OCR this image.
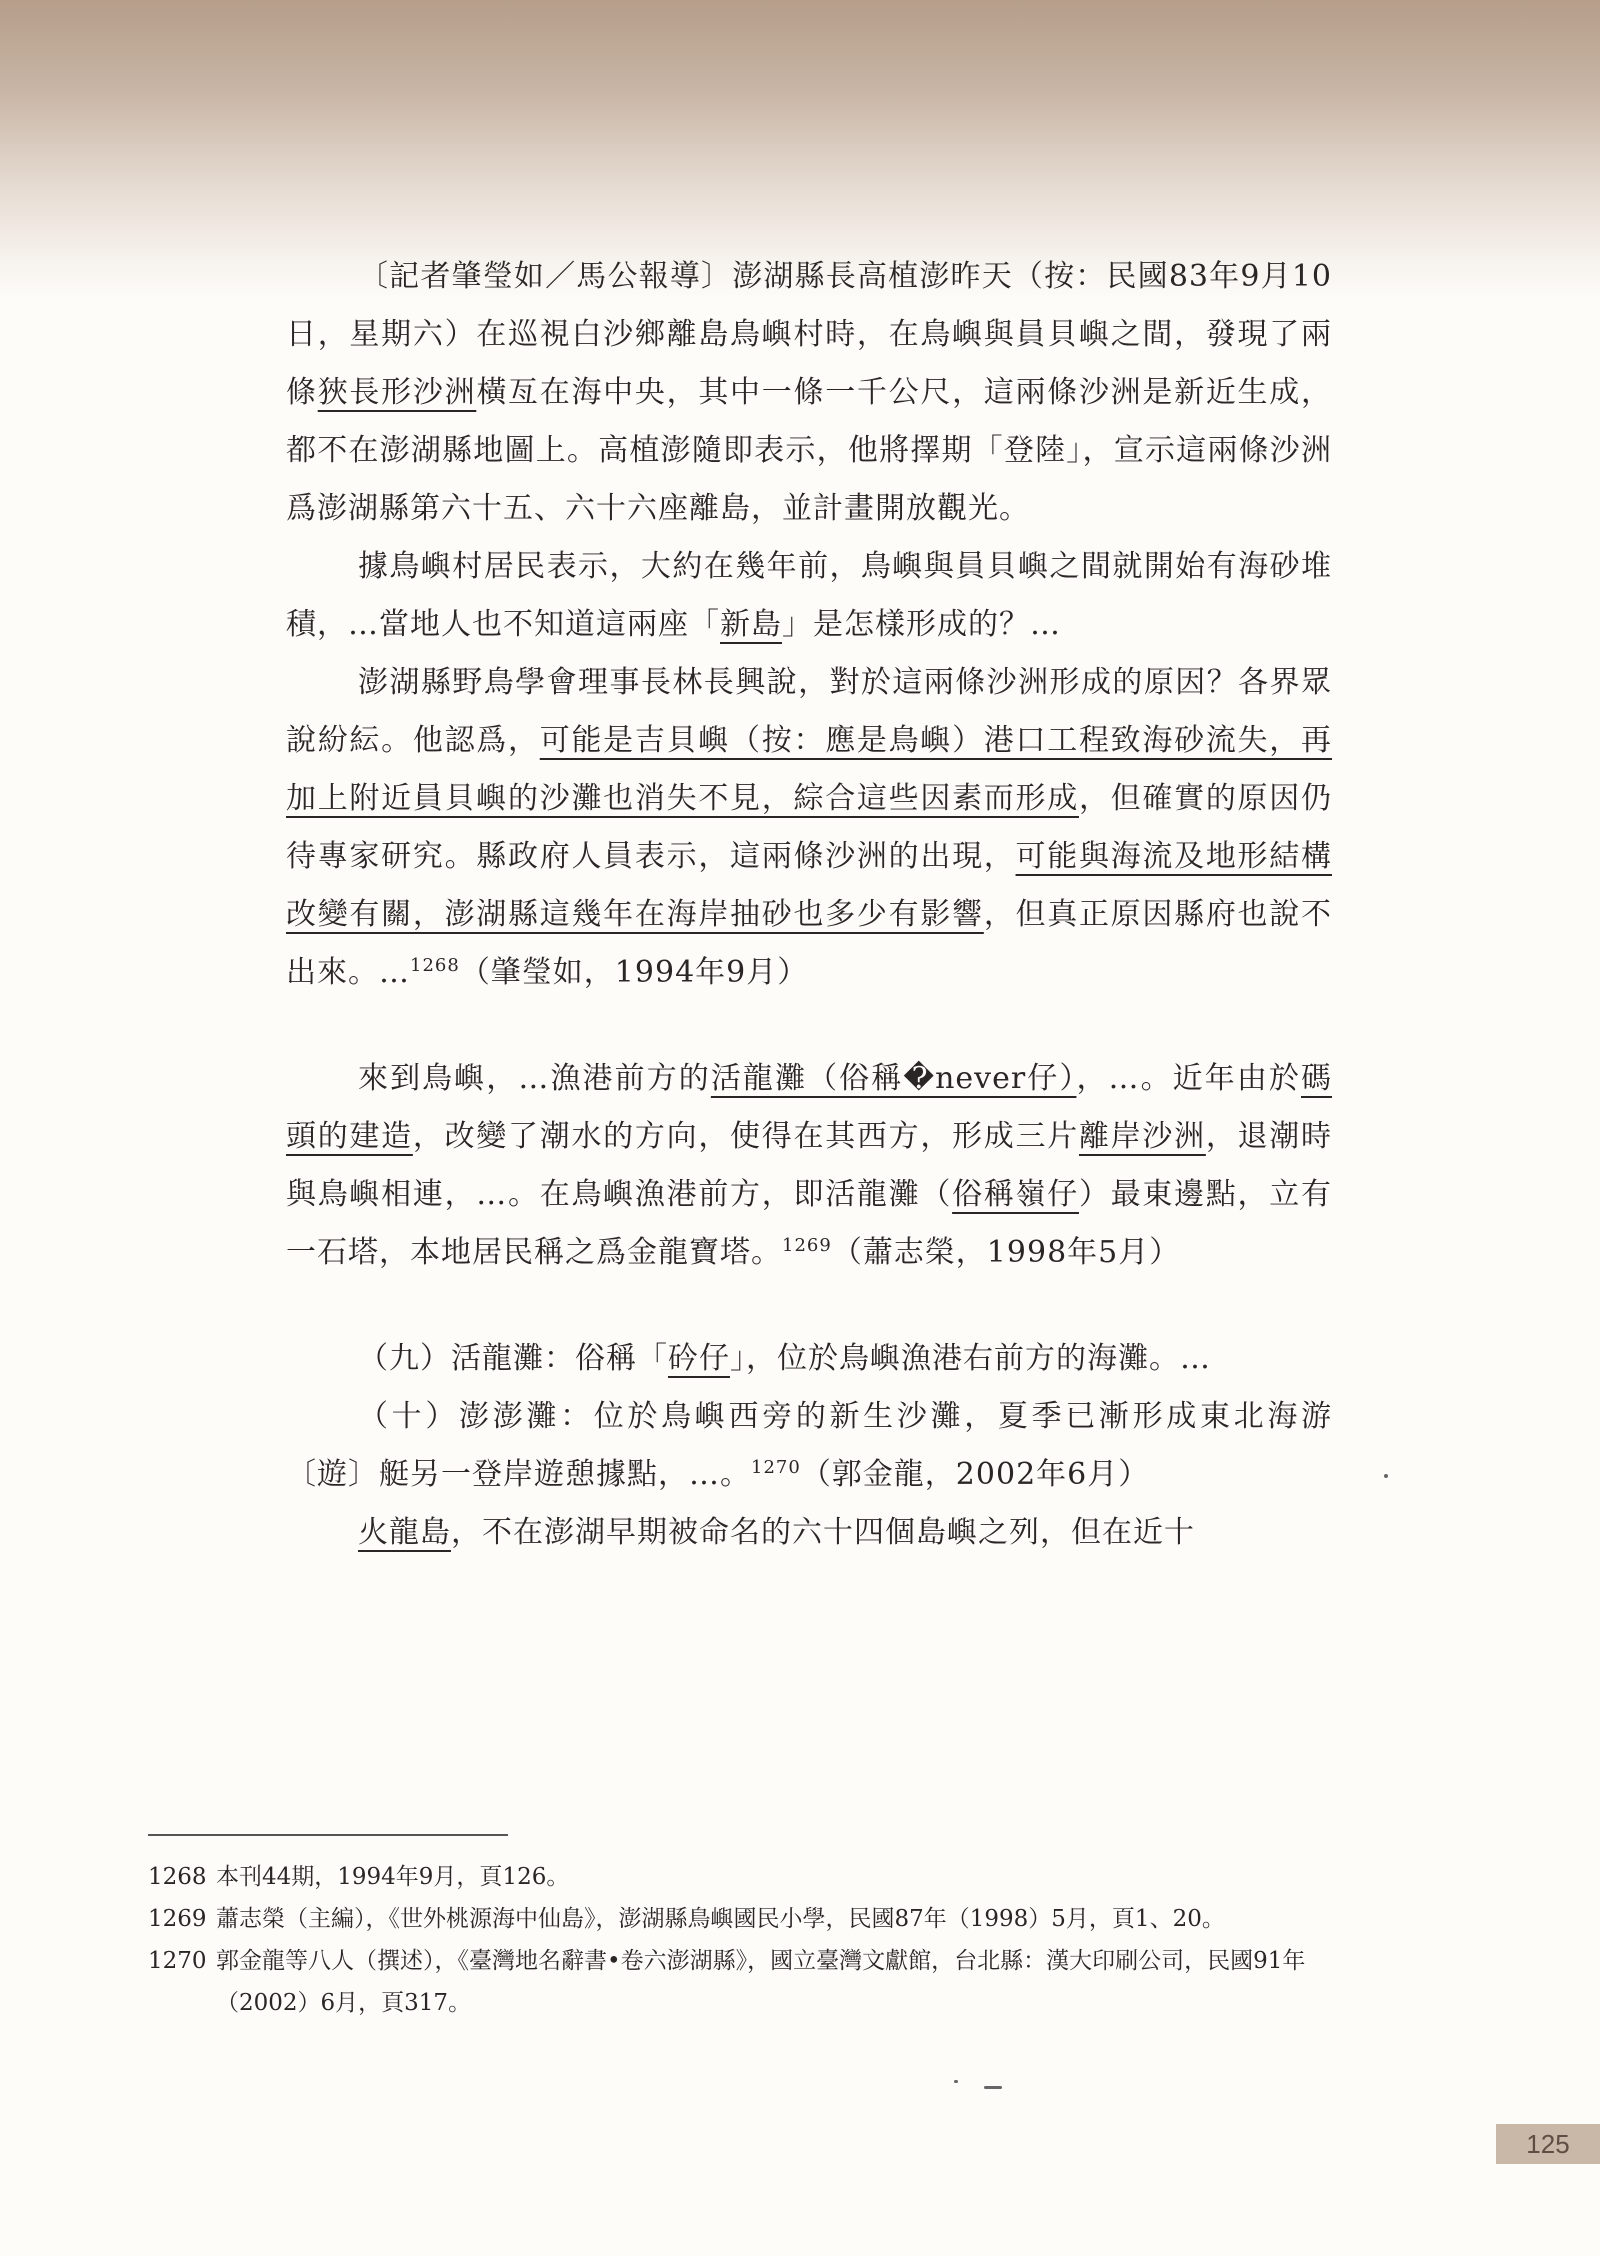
〔記者肇瑩如／馬公報導〕澎湖縣長高植澎昨天（按：民國83年9月10日，星期六）在巡視白沙鄉離島鳥嶼村時，在鳥嶼與員貝嶼之間，發現了兩條狹長形沙洲橫亙在海中央，其中一條一千公尺，這兩條沙洲是新近生成，都不在澎湖縣地圖上。高植澎隨即表示，他將擇期「登陸」，宣示這兩條沙洲爲澎湖縣第六十五、六十六座離島，並計畫開放觀光。

據鳥嶼村居民表示，大約在幾年前，鳥嶼與員貝嶼之間就開始有海砂堆積，…當地人也不知道這兩座「新島」是怎樣形成的？…

澎湖縣野鳥學會理事長林長興說，對於這兩條沙洲形成的原因？各界眾說紛紜。他認爲，可能是吉貝嶼（按：應是鳥嶼）港口工程致海砂流失，再加上附近員貝嶼的沙灘也消失不見，綜合這些因素而形成，但確實的原因仍待專家研究。縣政府人員表示，這兩條沙洲的出現，可能與海流及地形結構改變有關，澎湖縣這幾年在海岸抽砂也多少有影響，但真正原因縣府也說不出來。…$^{1268}$（肇瑩如，1994年9月）

來到鳥嶼，…漁港前方的活龍灘（俗稱�never仔），…。近年由於碼頭的建造，改變了潮水的方向，使得在其西方，形成三片離岸沙洲，退潮時與鳥嶼相連，…。在鳥嶼漁港前方，即活龍灘（俗稱嶺仔）最東邊點，立有一石塔，本地居民稱之爲金龍寶塔。$^{1269}$（蕭志榮，1998年5月）

（九）活龍灘：俗稱「砛仔」，位於鳥嶼漁港右前方的海灘。…

（十）澎澎灘：位於鳥嶼西旁的新生沙灘，夏季已漸形成東北海游〔遊〕艇另一登岸遊憩據點，…。$^{1270}$（郭金龍，2002年6月）

火龍島，不在澎湖早期被命名的六十四個島嶼之列，但在近十

1268 本刊44期，1994年9月，頁126。
1269 蕭志榮（主編），《世外桃源海中仙島》，澎湖縣鳥嶼國民小學，民國87年（1998）5月，頁1、20。
1270 郭金龍等八人（撰述），《臺灣地名辭書•卷六澎湖縣》，國立臺灣文獻館，台北縣：漢大印刷公司，民國91年（2002）6月，頁317。
125
